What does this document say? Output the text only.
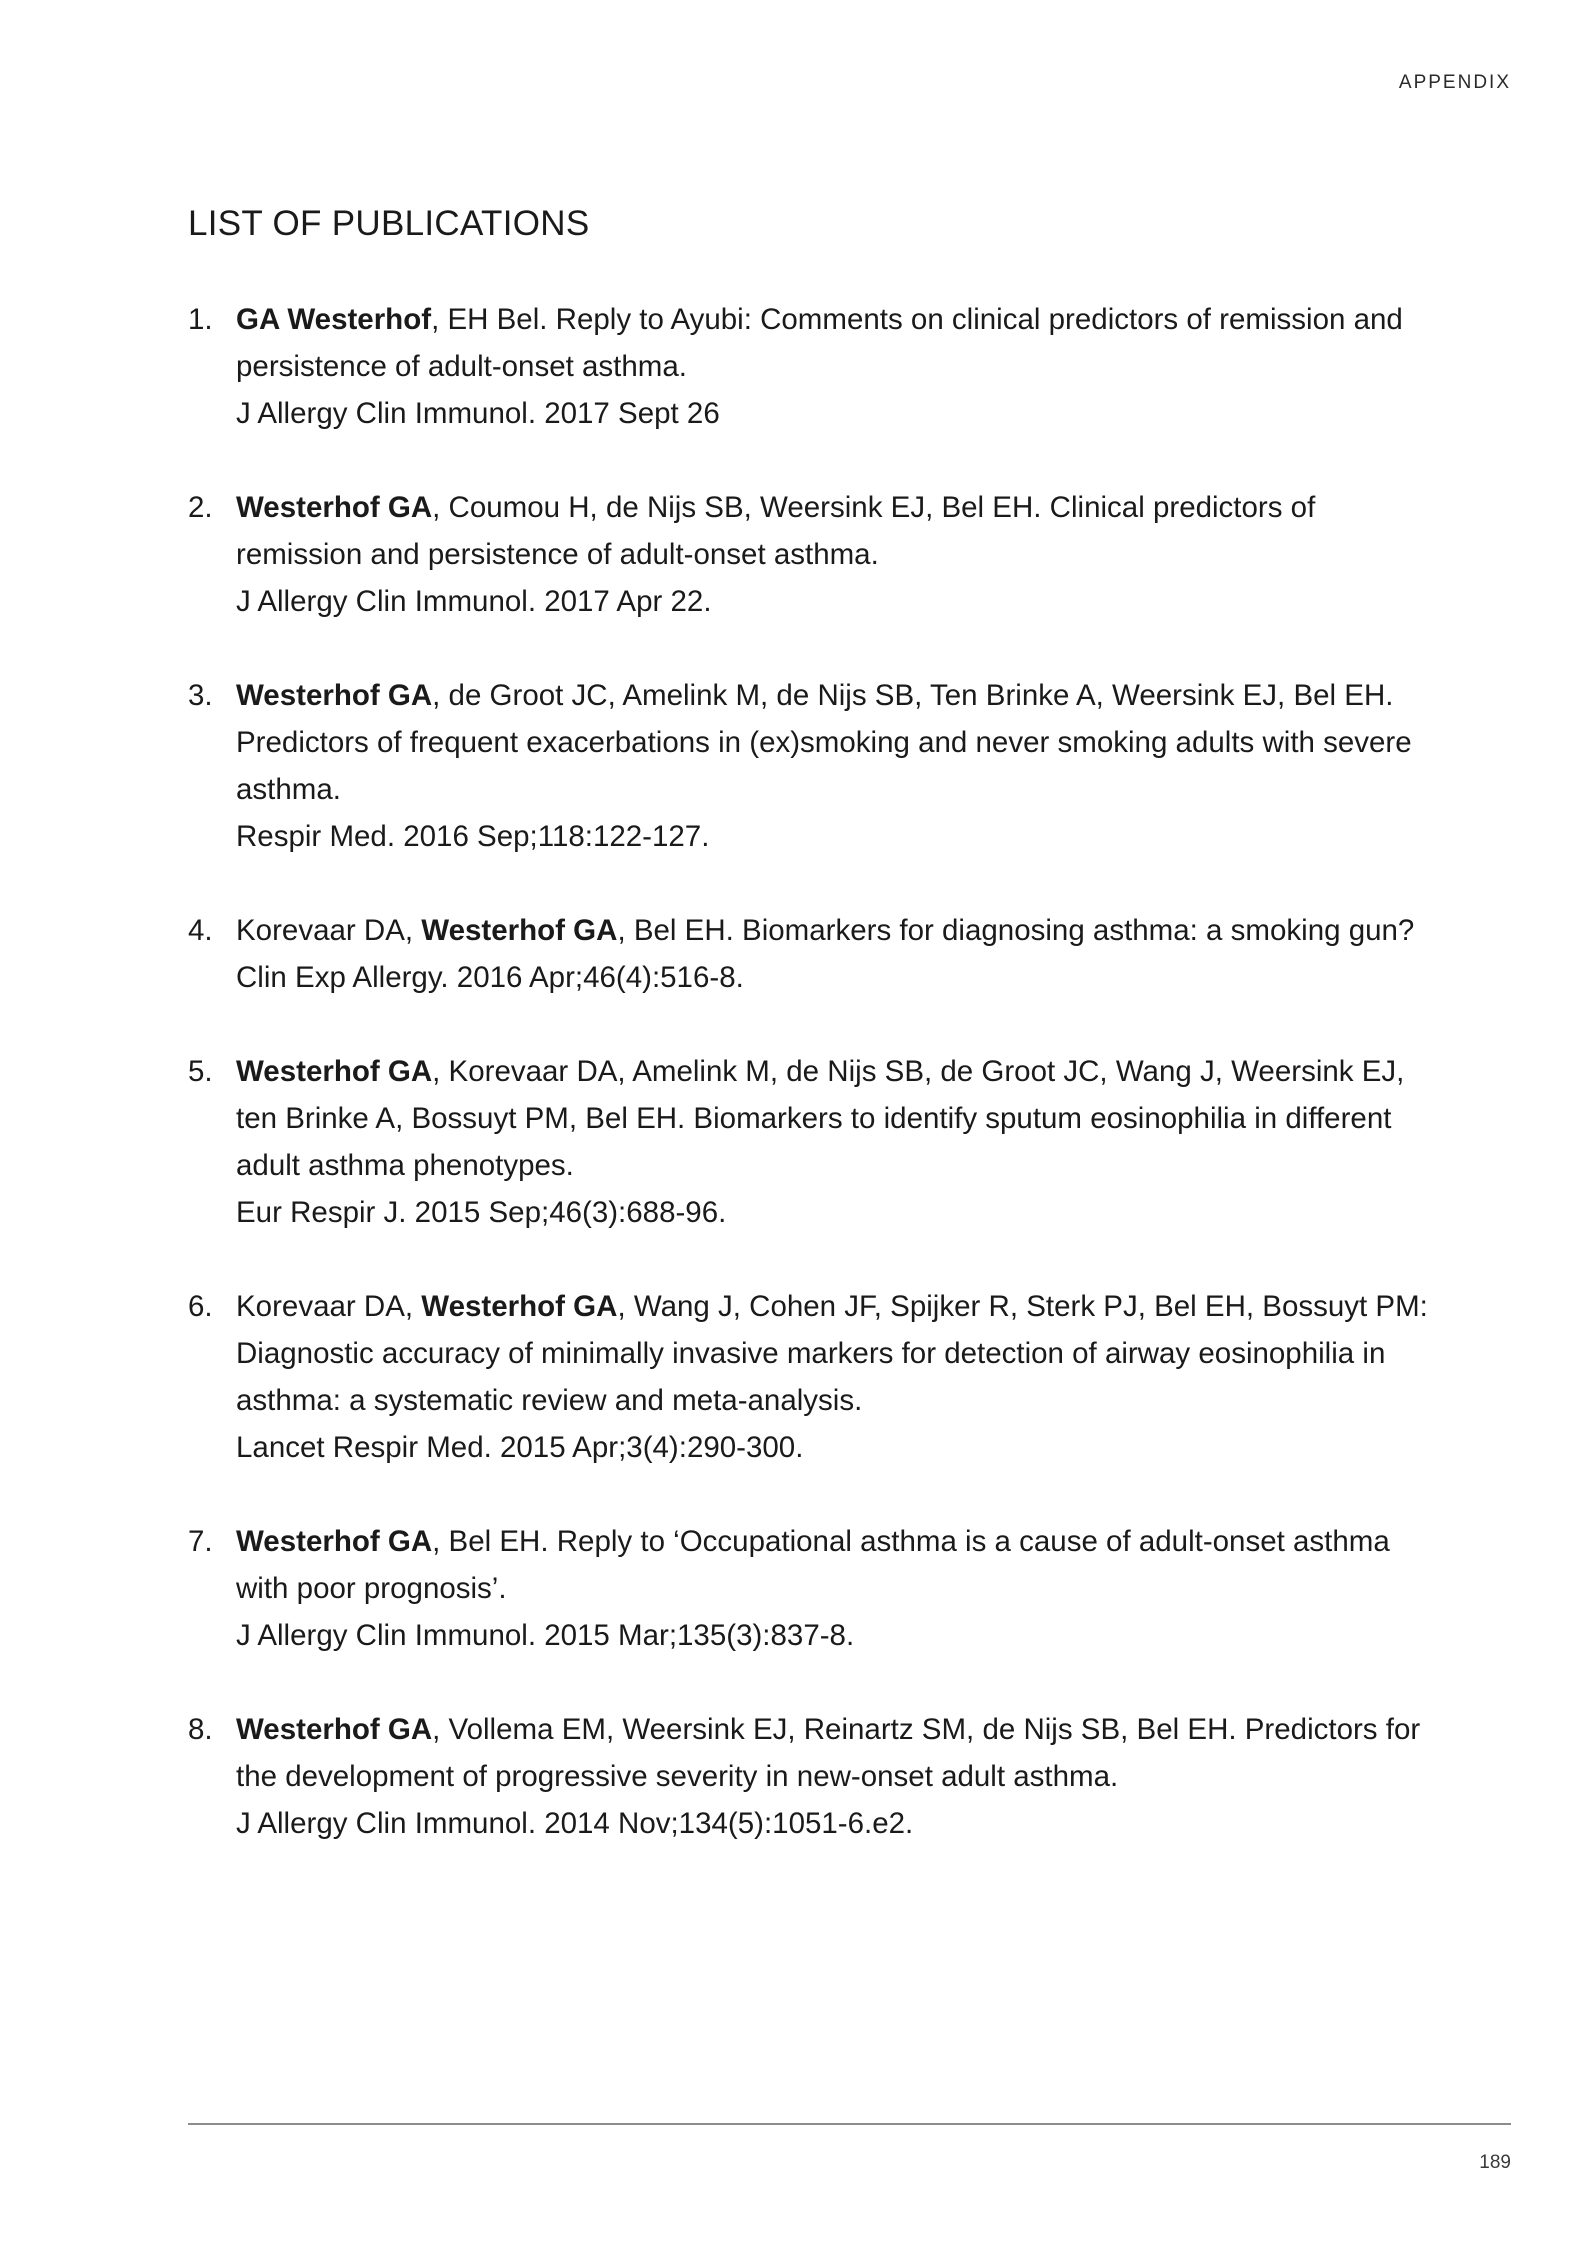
APPENDIX
LIST OF PUBLICATIONS
1. GA Westerhof, EH Bel. Reply to Ayubi: Comments on clinical predictors of remission and persistence of adult-onset asthma.
J Allergy Clin Immunol. 2017 Sept 26
2. Westerhof GA, Coumou H, de Nijs SB, Weersink EJ, Bel EH. Clinical predictors of remission and persistence of adult-onset asthma.
J Allergy Clin Immunol. 2017 Apr 22.
3. Westerhof GA, de Groot JC, Amelink M, de Nijs SB, Ten Brinke A, Weersink EJ, Bel EH. Predictors of frequent exacerbations in (ex)smoking and never smoking adults with severe asthma.
Respir Med. 2016 Sep;118:122-127.
4. Korevaar DA, Westerhof GA, Bel EH. Biomarkers for diagnosing asthma: a smoking gun?
Clin Exp Allergy. 2016 Apr;46(4):516-8.
5. Westerhof GA, Korevaar DA, Amelink M, de Nijs SB, de Groot JC, Wang J, Weersink EJ, ten Brinke A, Bossuyt PM, Bel EH. Biomarkers to identify sputum eosinophilia in different adult asthma phenotypes.
Eur Respir J. 2015 Sep;46(3):688-96.
6. Korevaar DA, Westerhof GA, Wang J, Cohen JF, Spijker R, Sterk PJ, Bel EH, Bossuyt PM: Diagnostic accuracy of minimally invasive markers for detection of airway eosinophilia in asthma: a systematic review and meta-analysis.
Lancet Respir Med. 2015 Apr;3(4):290-300.
7. Westerhof GA, Bel EH. Reply to ‘Occupational asthma is a cause of adult-onset asthma with poor prognosis’.
J Allergy Clin Immunol. 2015 Mar;135(3):837-8.
8. Westerhof GA, Vollema EM, Weersink EJ, Reinartz SM, de Nijs SB, Bel EH. Predictors for the development of progressive severity in new-onset adult asthma.
J Allergy Clin Immunol. 2014 Nov;134(5):1051-6.e2.
189
